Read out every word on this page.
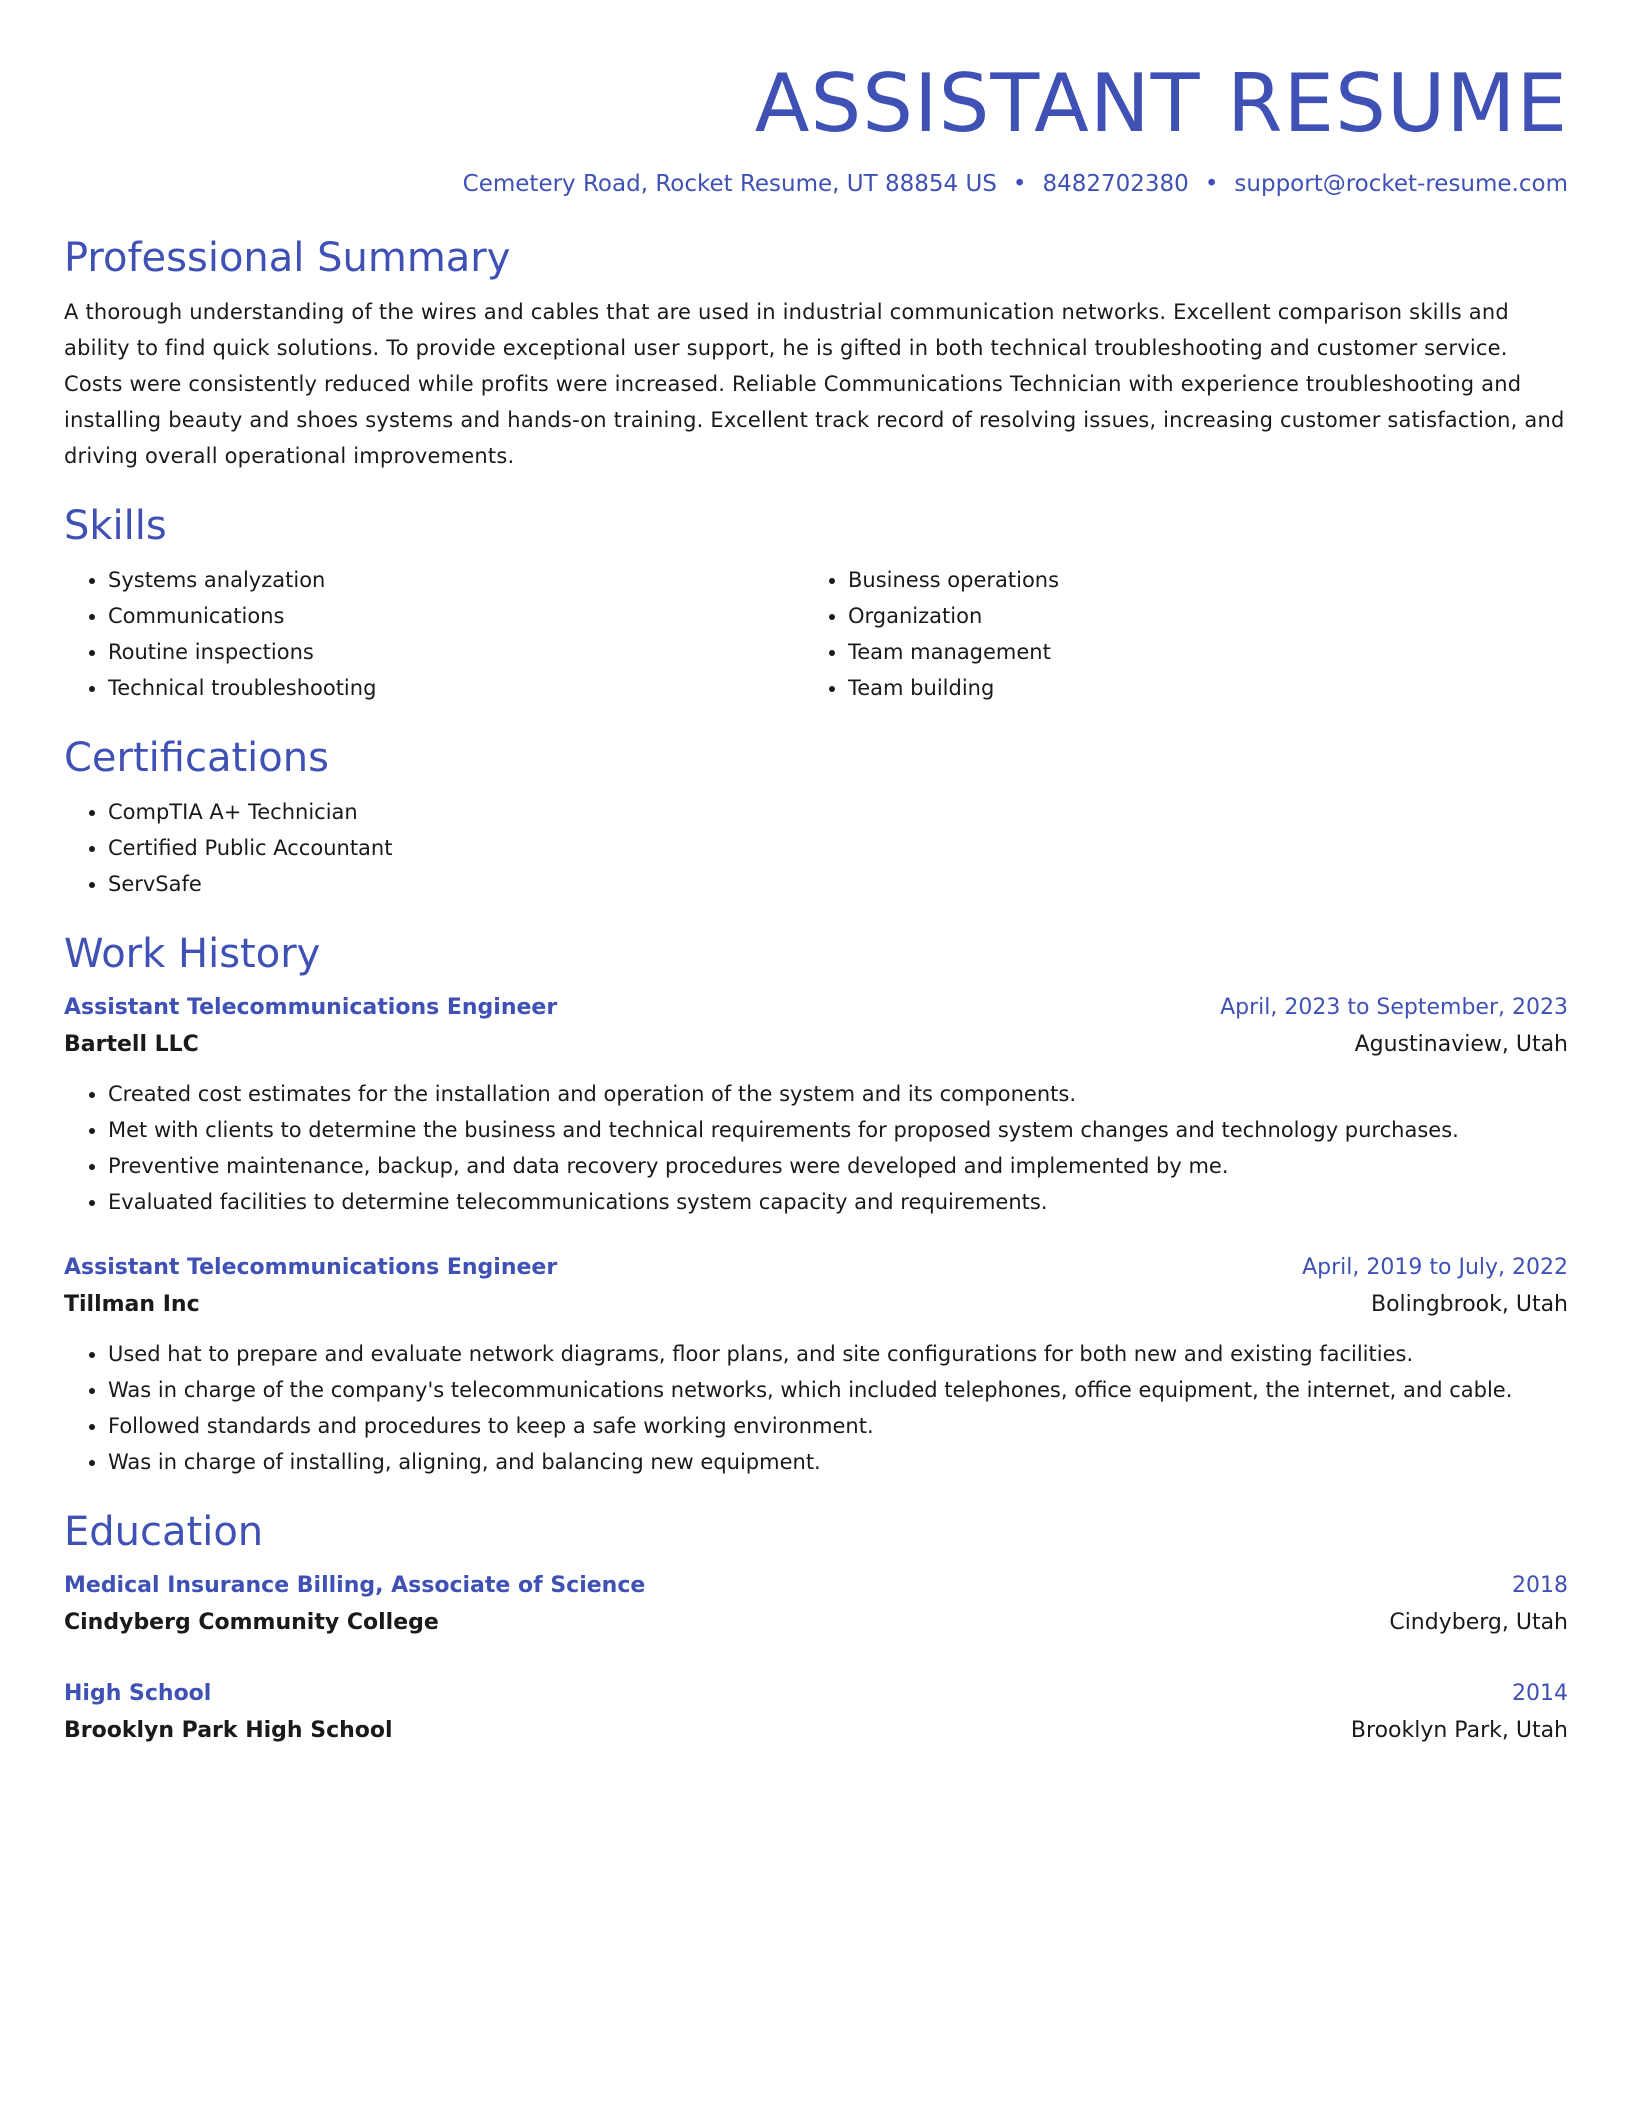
ASSISTANT RESUME
Cemetery Road, Rocket Resume, UT 88854 US • 8482702380 • support@rocket-resume.com
Professional Summary

A thorough understanding of the wires and cables that are used in industrial communication networks. Excellent comparison skills and ability to find quick solutions. To provide exceptional user support, he is gifted in both technical troubleshooting and customer service. Costs were consistently reduced while profits were increased. Reliable Communications Technician with experience troubleshooting and installing beauty and shoes systems and hands-on training. Excellent track record of resolving issues, increasing customer satisfaction, and driving overall operational improvements.

Skills
• Systems analyzation
• Communications
• Routine inspections
• Technical troubleshooting
• Business operations
• Organization
• Team management
• Team building
Certifications
• CompTIA A+ Technician
• Certified Public Accountant
• ServSafe
Work History
Assistant Telecommunications Engineer	April, 2023 to September, 2023
Bartell LLC	Agustinaview, Utah
• Created cost estimates for the installation and operation of the system and its components.
• Met with clients to determine the business and technical requirements for proposed system changes and technology purchases.
• Preventive maintenance, backup, and data recovery procedures were developed and implemented by me.
• Evaluated facilities to determine telecommunications system capacity and requirements.
Assistant Telecommunications Engineer	April, 2019 to July, 2022
Tillman Inc	Bolingbrook, Utah
• Used hat to prepare and evaluate network diagrams, floor plans, and site configurations for both new and existing facilities.
• Was in charge of the company's telecommunications networks, which included telephones, office equipment, the internet, and cable.
• Followed standards and procedures to keep a safe working environment.
• Was in charge of installing, aligning, and balancing new equipment.
Education
Medical Insurance Billing, Associate of Science	2018
Cindyberg Community College	Cindyberg, Utah
High School	2014
Brooklyn Park High School	Brooklyn Park, Utah
